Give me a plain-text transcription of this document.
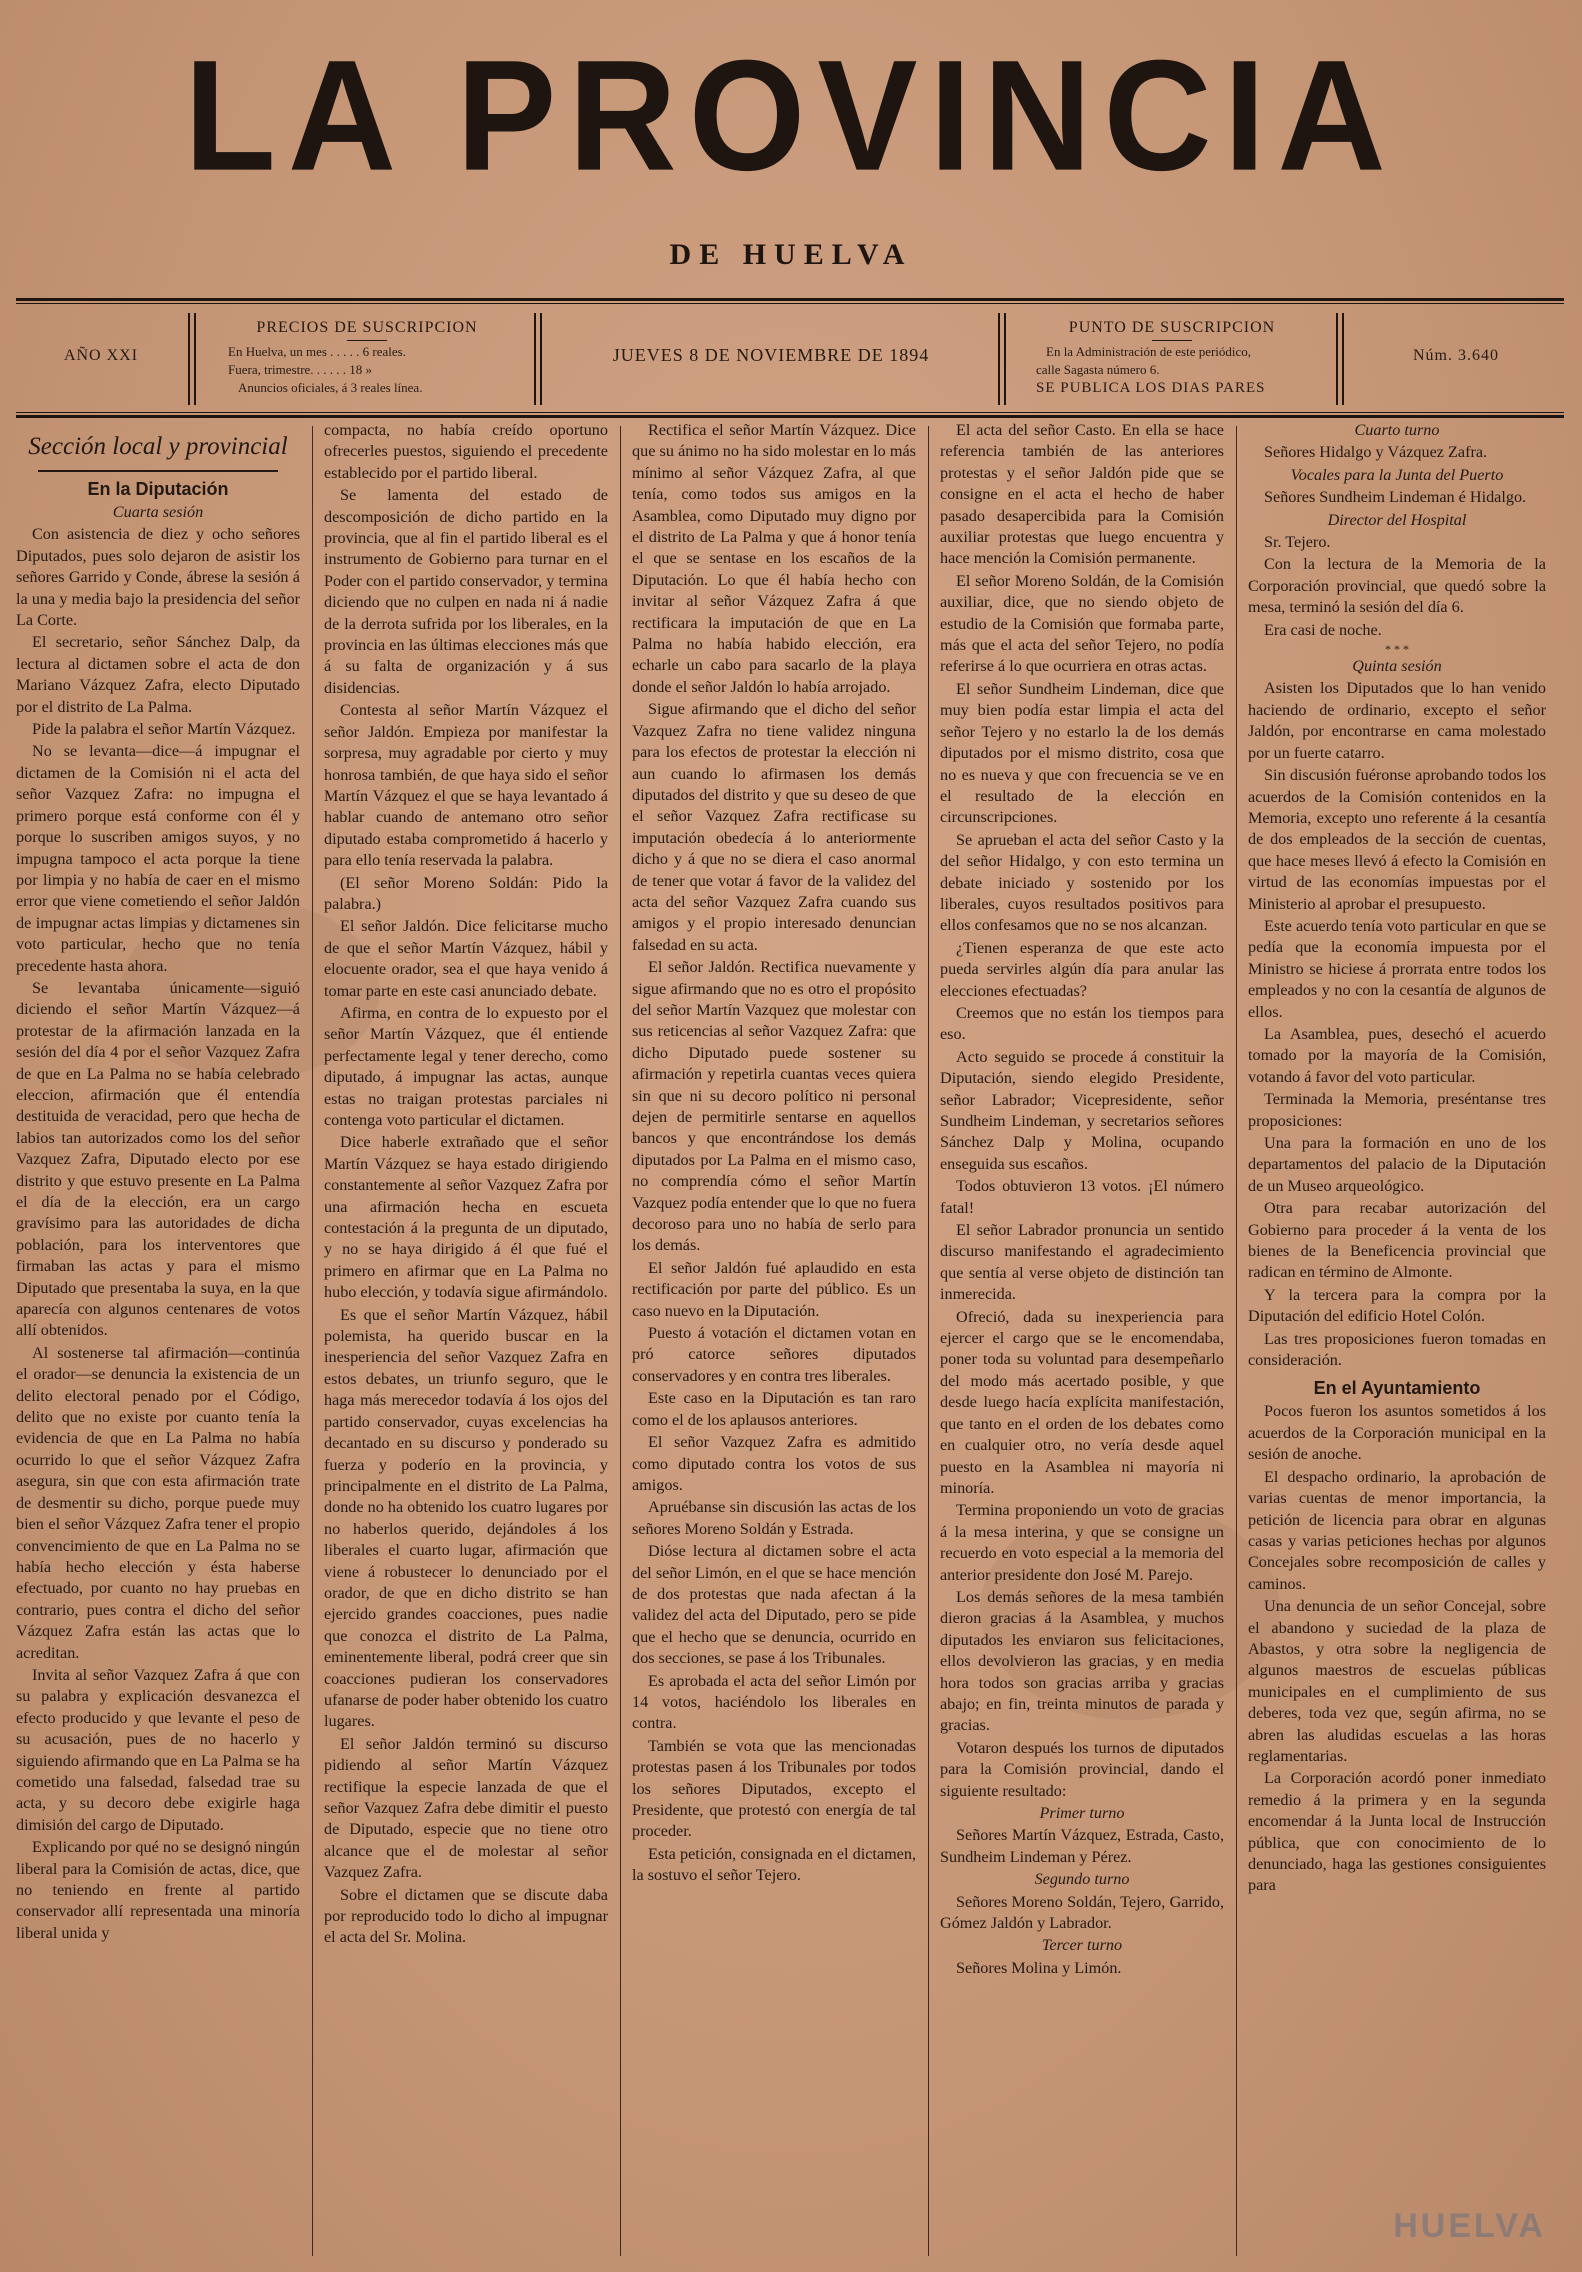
LA PROVINCIA
DE HUELVA
AÑO XXI
PRECIOS DE SUSCRIPCION
En Huelva, un mes . . . . . 6 reales.
Fuera, trimestre. . . . . . 18 »
Anuncios oficiales, á 3 reales línea.
JUEVES 8 DE NOVIEMBRE DE 1894
PUNTO DE SUSCRIPCION
En la Administración de este periódico,
calle Sagasta número 6.
SE PUBLICA LOS DIAS PARES
Núm. 3.640
Sección local y provincial
En la Diputación

Cuarta sesión

Con asistencia de diez y ocho señores Diputados, pues solo dejaron de asistir los señores Garrido y Conde, ábrese la sesión á la una y media bajo la presidencia del señor La Corte.

El secretario, señor Sánchez Dalp, da lectura al dictamen sobre el acta de don Mariano Vázquez Zafra, electo Diputado por el distrito de La Palma.

Pide la palabra el señor Martín Vázquez.

No se levanta—dice—á impugnar el dictamen de la Comisión ni el acta del señor Vazquez Zafra: no impugna el primero porque está conforme con él y porque lo suscriben amigos suyos, y no impugna tampoco el acta porque la tiene por limpia y no había de caer en el mismo error que viene cometiendo el señor Jaldón de impugnar actas limpias y dictamenes sin voto particular, hecho que no tenía precedente hasta ahora.

Se levantaba únicamente—siguió diciendo el señor Martín Vázquez—á protestar de la afirmación lanzada en la sesión del día 4 por el señor Vazquez Zafra de que en La Palma no se había celebrado eleccion, afirmación que él entendía destituida de veracidad, pero que hecha de labios tan autorizados como los del señor Vazquez Zafra, Diputado electo por ese distrito y que estuvo presente en La Palma el día de la elección, era un cargo gravísimo para las autoridades de dicha población, para los interventores que firmaban las actas y para el mismo Diputado que presentaba la suya, en la que aparecía con algunos centenares de votos allí obtenidos.

Al sostenerse tal afirmación—continúa el orador—se denuncia la existencia de un delito electoral penado por el Código, delito que no existe por cuanto tenía la evidencia de que en La Palma no había ocurrido lo que el señor Vázquez Zafra asegura, sin que con esta afirmación trate de desmentir su dicho, porque puede muy bien el señor Vázquez Zafra tener el propio convencimiento de que en La Palma no se había hecho elección y ésta haberse efectuado, por cuanto no hay pruebas en contrario, pues contra el dicho del señor Vázquez Zafra están las actas que lo acreditan.

Invita al señor Vazquez Zafra á que con su palabra y explicación desvanezca el efecto producido y que levante el peso de su acusación, pues de no hacerlo y siguiendo afirmando que en La Palma se ha cometido una falsedad, falsedad trae su acta, y su decoro debe exigirle haga dimisión del cargo de Diputado.

Explicando por qué no se designó ningún liberal para la Comisión de actas, dice, que no teniendo en frente al partido conservador allí representada una minoría liberal unida y

compacta, no había creído oportuno ofrecerles puestos, siguiendo el precedente establecido por el partido liberal.

Se lamenta del estado de descomposición de dicho partido en la provincia, que al fin el partido liberal es el instrumento de Gobierno para turnar en el Poder con el partido conservador, y termina diciendo que no culpen en nada ni á nadie de la derrota sufrida por los liberales, en la provincia en las últimas elecciones más que á su falta de organización y á sus disidencias.

Contesta al señor Martín Vázquez el señor Jaldón. Empieza por manifestar la sorpresa, muy agradable por cierto y muy honrosa también, de que haya sido el señor Martín Vázquez el que se haya levantado á hablar cuando de antemano otro señor diputado estaba comprometido á hacerlo y para ello tenía reservada la palabra.

(El señor Moreno Soldán: Pido la palabra.)

El señor Jaldón. Dice felicitarse mucho de que el señor Martín Vázquez, hábil y elocuente orador, sea el que haya venido á tomar parte en este casi anunciado debate.

Afirma, en contra de lo expuesto por el señor Martín Vázquez, que él entiende perfectamente legal y tener derecho, como diputado, á impugnar las actas, aunque estas no traigan protestas parciales ni contenga voto particular el dictamen.

Dice haberle extrañado que el señor Martín Vázquez se haya estado dirigiendo constantemente al señor Vazquez Zafra por una afirmación hecha en escueta contestación á la pregunta de un diputado, y no se haya dirigido á él que fué el primero en afirmar que en La Palma no hubo elección, y todavía sigue afirmándolo.

Es que el señor Martín Vázquez, hábil polemista, ha querido buscar en la inesperiencia del señor Vazquez Zafra en estos debates, un triunfo seguro, que le haga más merecedor todavía á los ojos del partido conservador, cuyas excelencias ha decantado en su discurso y ponderado su fuerza y poderío en la provincia, y principalmente en el distrito de La Palma, donde no ha obtenido los cuatro lugares por no haberlos querido, dejándoles á los liberales el cuarto lugar, afirmación que viene á robustecer lo denunciado por el orador, de que en dicho distrito se han ejercido grandes coacciones, pues nadie que conozca el distrito de La Palma, eminentemente liberal, podrá creer que sin coacciones pudieran los conservadores ufanarse de poder haber obtenido los cuatro lugares.

El señor Jaldón terminó su discurso pidiendo al señor Martín Vázquez rectifique la especie lanzada de que el señor Vazquez Zafra debe dimitir el puesto de Diputado, especie que no tiene otro alcance que el de molestar al señor Vazquez Zafra.

Sobre el dictamen que se discute daba por reproducido todo lo dicho al impugnar el acta del Sr. Molina.

Rectifica el señor Martín Vázquez. Dice que su ánimo no ha sido molestar en lo más mínimo al señor Vázquez Zafra, al que tenía, como todos sus amigos en la Asamblea, como Diputado muy digno por el distrito de La Palma y que á honor tenía el que se sentase en los escaños de la Diputación. Lo que él había hecho con invitar al señor Vázquez Zafra á que rectificara la imputación de que en La Palma no había habido elección, era echarle un cabo para sacarlo de la playa donde el señor Jaldón lo había arrojado.

Sigue afirmando que el dicho del señor Vazquez Zafra no tiene validez ninguna para los efectos de protestar la elección ni aun cuando lo afirmasen los demás diputados del distrito y que su deseo de que el señor Vazquez Zafra rectificase su imputación obedecía á lo anteriormente dicho y á que no se diera el caso anormal de tener que votar á favor de la validez del acta del señor Vazquez Zafra cuando sus amigos y el propio interesado denuncian falsedad en su acta.

El señor Jaldón. Rectifica nuevamente y sigue afirmando que no es otro el propósito del señor Martín Vazquez que molestar con sus reticencias al señor Vazquez Zafra: que dicho Diputado puede sostener su afirmación y repetirla cuantas veces quiera sin que ni su decoro político ni personal dejen de permitirle sentarse en aquellos bancos y que encontrándose los demás diputados por La Palma en el mismo caso, no comprendía cómo el señor Martín Vazquez podía entender que lo que no fuera decoroso para uno no había de serlo para los demás.

El señor Jaldón fué aplaudido en esta rectificación por parte del público. Es un caso nuevo en la Diputación.

Puesto á votación el dictamen votan en pró catorce señores diputados conservadores y en contra tres liberales.

Este caso en la Diputación es tan raro como el de los aplausos anteriores.

El señor Vazquez Zafra es admitido como diputado contra los votos de sus amigos.

Apruébanse sin discusión las actas de los señores Moreno Soldán y Estrada.

Dióse lectura al dictamen sobre el acta del señor Limón, en el que se hace mención de dos protestas que nada afectan á la validez del acta del Diputado, pero se pide que el hecho que se denuncia, ocurrido en dos secciones, se pase á los Tribunales.

Es aprobada el acta del señor Limón por 14 votos, haciéndolo los liberales en contra.

También se vota que las mencionadas protestas pasen á los Tribunales por todos los señores Diputados, excepto el Presidente, que protestó con energía de tal proceder.

Esta petición, consignada en el dictamen, la sostuvo el señor Tejero.

El acta del señor Casto. En ella se hace referencia también de las anteriores protestas y el señor Jaldón pide que se consigne en el acta el hecho de haber pasado desapercibida para la Comisión auxiliar protestas que luego encuentra y hace mención la Comisión permanente.

El señor Moreno Soldán, de la Comisión auxiliar, dice, que no siendo objeto de estudio de la Comisión que formaba parte, más que el acta del señor Tejero, no podía referirse á lo que ocurriera en otras actas.

El señor Sundheim Lindeman, dice que muy bien podía estar limpia el acta del señor Tejero y no estarlo la de los demás diputados por el mismo distrito, cosa que no es nueva y que con frecuencia se ve en el resultado de la elección en circunscripciones.

Se aprueban el acta del señor Casto y la del señor Hidalgo, y con esto termina un debate iniciado y sostenido por los liberales, cuyos resultados positivos para ellos confesamos que no se nos alcanzan.

¿Tienen esperanza de que este acto pueda servirles algún día para anular las elecciones efectuadas?

Creemos que no están los tiempos para eso.

Acto seguido se procede á constituir la Diputación, siendo elegido Presidente, señor Labrador; Vicepresidente, señor Sundheim Lindeman, y secretarios señores Sánchez Dalp y Molina, ocupando enseguida sus escaños.

Todos obtuvieron 13 votos. ¡El número fatal!

El señor Labrador pronuncia un sentido discurso manifestando el agradecimiento que sentía al verse objeto de distinción tan inmerecida.

Ofreció, dada su inexperiencia para ejercer el cargo que se le encomendaba, poner toda su voluntad para desempeñarlo del modo más acertado posible, y que desde luego hacía explícita manifestación, que tanto en el orden de los debates como en cualquier otro, no vería desde aquel puesto en la Asamblea ni mayoría ni minoría.

Termina proponiendo un voto de gracias á la mesa interina, y que se consigne un recuerdo en voto especial a la memoria del anterior presidente don José M. Parejo.

Los demás señores de la mesa también dieron gracias á la Asamblea, y muchos diputados les enviaron sus felicitaciones, ellos devolvieron las gracias, y en media hora todos son gracias arriba y gracias abajo; en fin, treinta minutos de parada y gracias.

Votaron después los turnos de diputados para la Comisión provincial, dando el siguiente resultado:

Primer turno

Señores Martín Vázquez, Estrada, Casto, Sundheim Lindeman y Pérez.

Segundo turno

Señores Moreno Soldán, Tejero, Garrido, Gómez Jaldón y Labrador.

Tercer turno

Señores Molina y Limón.

Cuarto turno

Señores Hidalgo y Vázquez Zafra.

Vocales para la Junta del Puerto

Señores Sundheim Lindeman é Hidalgo.

Director del Hospital

Sr. Tejero.

Con la lectura de la Memoria de la Corporación provincial, que quedó sobre la mesa, terminó la sesión del día 6.

Era casi de noche.

* * *

Quinta sesión

Asisten los Diputados que lo han venido haciendo de ordinario, excepto el señor Jaldón, por encontrarse en cama molestado por un fuerte catarro.

Sin discusión fuéronse aprobando todos los acuerdos de la Comisión contenidos en la Memoria, excepto uno referente á la cesantía de dos empleados de la sección de cuentas, que hace meses llevó á efecto la Comisión en virtud de las economías impuestas por el Ministerio al aprobar el presupuesto.

Este acuerdo tenía voto particular en que se pedía que la economía impuesta por el Ministro se hiciese á prorrata entre todos los empleados y no con la cesantía de algunos de ellos.

La Asamblea, pues, desechó el acuerdo tomado por la mayoría de la Comisión, votando á favor del voto particular.

Terminada la Memoria, preséntanse tres proposiciones:

Una para la formación en uno de los departamentos del palacio de la Diputación de un Museo arqueológico.

Otra para recabar autorización del Gobierno para proceder á la venta de los bienes de la Beneficencia provincial que radican en término de Almonte.

Y la tercera para la compra por la Diputación del edificio Hotel Colón.

Las tres proposiciones fueron tomadas en consideración.

En el Ayuntamiento

Pocos fueron los asuntos sometidos á los acuerdos de la Corporación municipal en la sesión de anoche.

El despacho ordinario, la aprobación de varias cuentas de menor importancia, la petición de licencia para obrar en algunas casas y varias peticiones hechas por algunos Concejales sobre recomposición de calles y caminos.

Una denuncia de un señor Concejal, sobre el abandono y suciedad de la plaza de Abastos, y otra sobre la negligencia de algunos maestros de escuelas públicas municipales en el cumplimiento de sus deberes, toda vez que, según afirma, no se abren las aludidas escuelas a las horas reglamentarias.

La Corporación acordó poner inmediato remedio á la primera y en la segunda encomendar á la Junta local de Instrucción pública, que con conocimiento de lo denunciado, haga las gestiones consiguientes para

HUELVA
